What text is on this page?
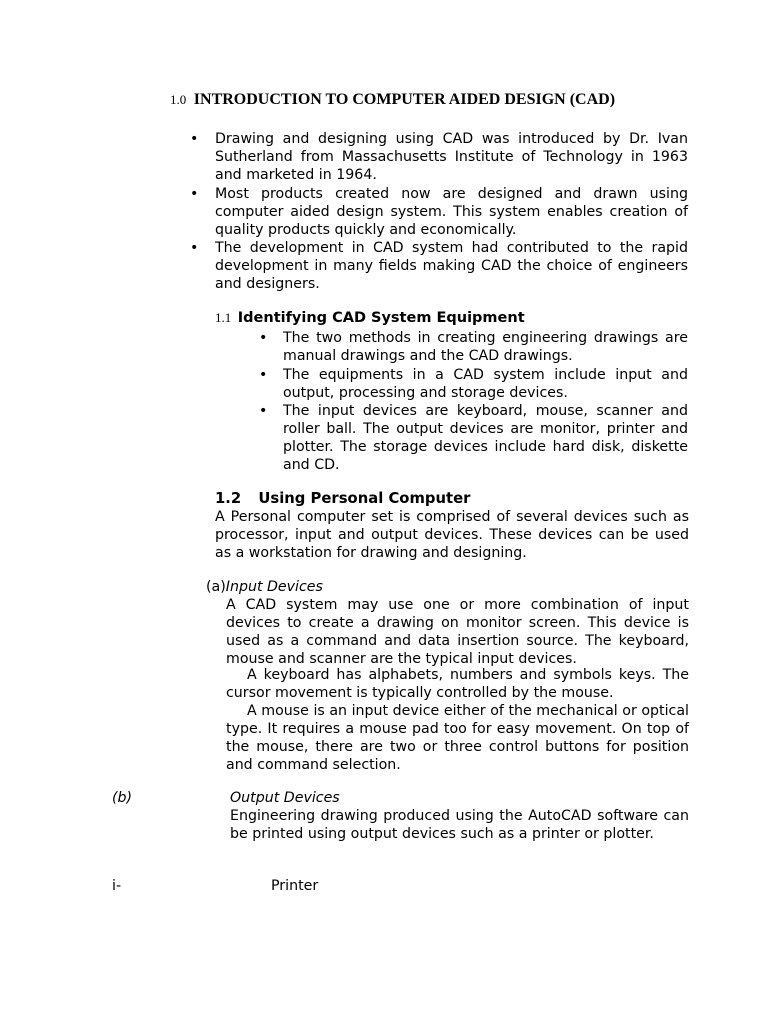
1.0 INTRODUCTION TO COMPUTER AIDED DESIGN (CAD)
• Drawing and designing using CAD was introduced by Dr. Ivan Sutherland from Massachusetts Institute of Technology in 1963 and marketed in 1964.
• Most products created now are designed and drawn using computer aided design system. This system enables creation of quality products quickly and economically.
• The development in CAD system had contributed to the rapid development in many fields making CAD the choice of engineers and designers.
1.1 Identifying CAD System Equipment
• The two methods in creating engineering drawings are manual drawings and the CAD drawings.
• The equipments in a CAD system include input and output, processing and storage devices.
• The input devices are keyboard, mouse, scanner and roller ball. The output devices are monitor, printer and plotter. The storage devices include hard disk, diskette and CD.
1.2 Using Personal Computer
A Personal computer set is comprised of several devices such as processor, input and output devices. These devices can be used as a workstation for drawing and designing.
(a)Input Devices
A CAD system may use one or more combination of input devices to create a drawing on monitor screen. This device is used as a command and data insertion source. The keyboard, mouse and scanner are the typical input devices.
A keyboard has alphabets, numbers and symbols keys. The cursor movement is typically controlled by the mouse.
A mouse is an input device either of the mechanical or optical type. It requires a mouse pad too for easy movement. On top of the mouse, there are two or three control buttons for position and command selection.
(b)	Output Devices
Engineering drawing produced using the AutoCAD software can be printed using output devices such as a printer or plotter.
i-	Printer
